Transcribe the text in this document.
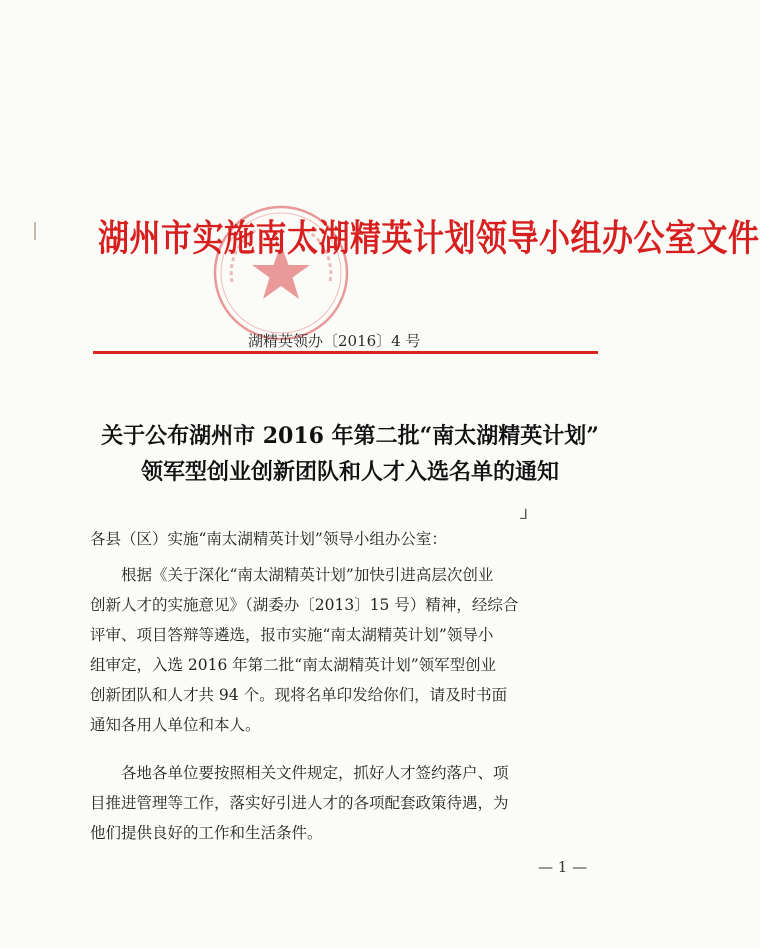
湖州市实施南太湖精英计划领导小组办公室文件
湖精英领办〔2016〕4 号
关于公布湖州市 2016 年第二批“南太湖精英计划”
领军型创业创新团队和人才入选名单的通知
⅃
各县（区）实施“南太湖精英计划”领导小组办公室：
　　根据《关于深化“南太湖精英计划”加快引进高层次创业
创新人才的实施意见》（湖委办〔2013〕15 号）精神，经综合
评审、项目答辩等遴选，报市实施“南太湖精英计划”领导小
组审定，入选 2016 年第二批“南太湖精英计划”领军型创业
创新团队和人才共 94 个。现将名单印发给你们，请及时书面
通知各用人单位和本人。
　　各地各单位要按照相关文件规定，抓好人才签约落户、项
目推进管理等工作，落实好引进人才的各项配套政策待遇，为
他们提供良好的工作和生活条件。
— 1 —
